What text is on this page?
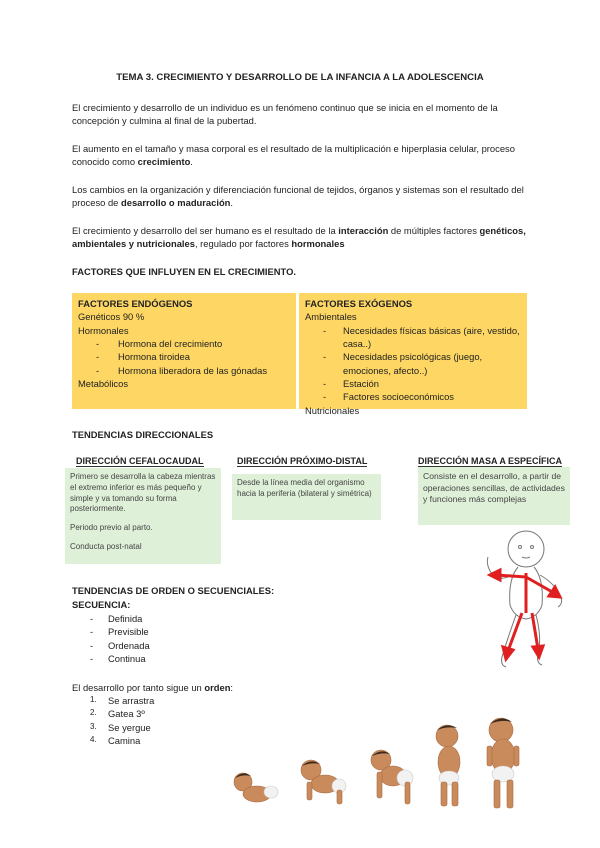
TEMA 3. CRECIMIENTO Y DESARROLLO DE LA INFANCIA A LA ADOLESCENCIA
El crecimiento y desarrollo de un individuo es un fenómeno continuo que se inicia en el momento de la concepción y culmina al final de la pubertad.
El aumento en el tamaño y masa corporal es el resultado de la multiplicación e hiperplasia celular, proceso conocido como crecimiento.
Los cambios en la organización y diferenciación funcional de tejidos, órganos y sistemas son el resultado del proceso de desarrollo o maduración.
El crecimiento y desarrollo del ser humano es el resultado de la interacción de múltiples factores genéticos, ambientales y nutricionales, regulado por factores hormonales
FACTORES QUE INFLUYEN EN EL CRECIMIENTO.
FACTORES ENDÓGENOS
Genéticos 90 %
Hormonales
- Hormona del crecimiento
- Hormona tiroidea
- Hormona liberadora de las gónadas
Metabólicos
FACTORES EXÓGENOS
Ambientales
- Necesidades físicas básicas (aire, vestido, casa..)
- Necesidades psicológicas (juego, emociones, afecto..)
- Estación
- Factores socioeconómicos
Nutricionales
TENDENCIAS DIRECCIONALES
DIRECCIÓN CEFALOCAUDAL	DIRECCIÓN PRÓXIMO-DISTAL	DIRECCIÓN MASA A ESPECÍFICA
Primero se desarrolla la cabeza mientras el extremo inferior es más pequeño y simple y va tomando su forma posteriormente.
Periodo previo al parto.
Conducta post-natal
Desde la línea media del organismo hacia la periferia (bilateral y simétrica)
Consiste en el desarrollo, a partir de operaciones sencillas, de actividades y funciones más complejas
TENDENCIAS DE ORDEN O SECUENCIALES:
SECUENCIA:
- Definida
- Previsible
- Ordenada
- Continua
El desarrollo por tanto sigue un orden:
1. Se arrastra
2. Gatea 3º
3. Se yergue
4. Camina
